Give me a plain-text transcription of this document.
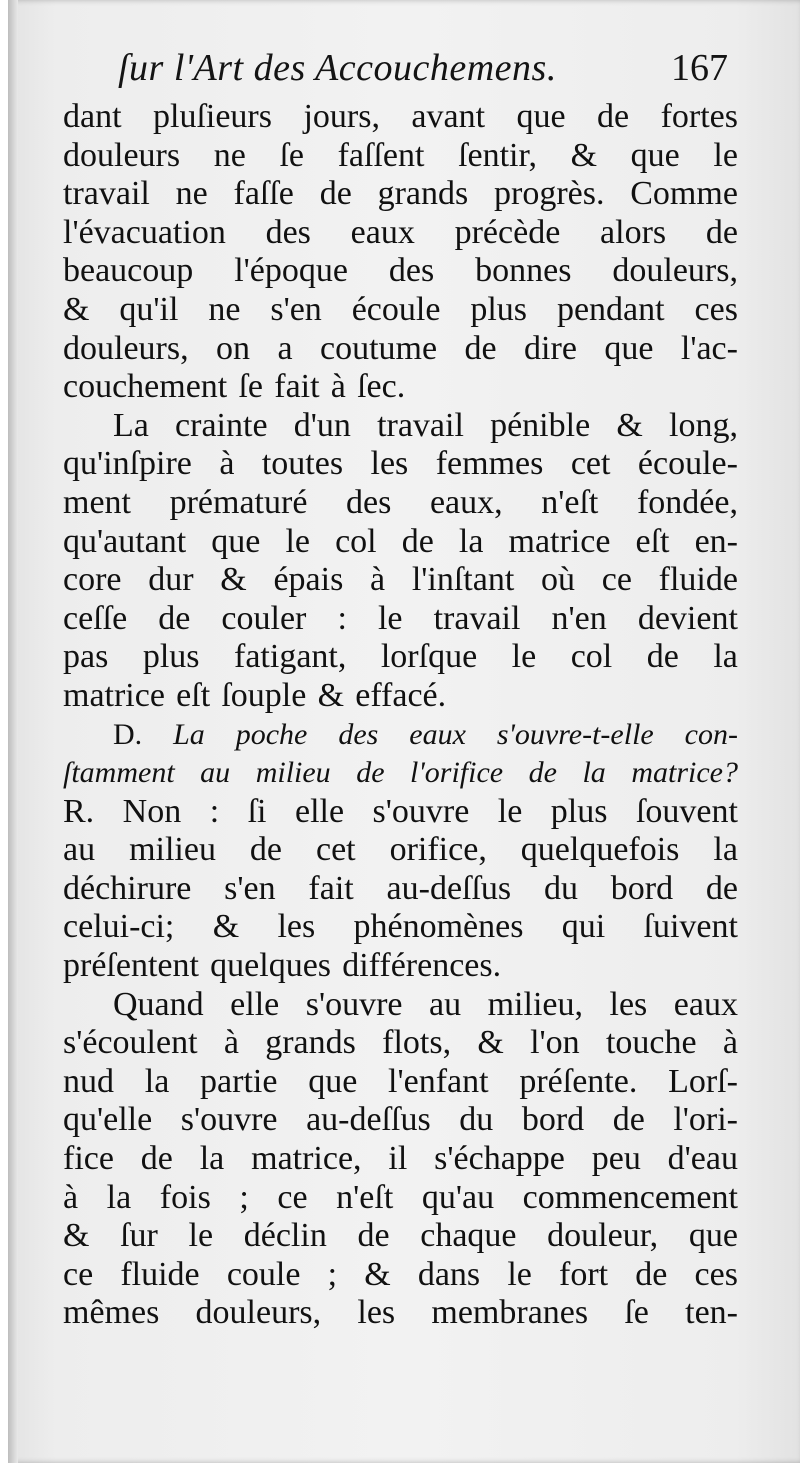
ſur l'Art des Accouchemens.	167
dant pluſieurs jours, avant que de fortes
douleurs ne ſe faſſent ſentir, & que le
travail ne faſſe de grands progrès. Comme
l'évacuation des eaux précède alors de
beaucoup l'époque des bonnes douleurs,
& qu'il ne s'en écoule plus pendant ces
douleurs, on a coutume de dire que l'ac-
couchement ſe fait à ſec.
La crainte d'un travail pénible & long,
qu'inſpire à toutes les femmes cet écoule-
ment prématuré des eaux, n'eſt fondée,
qu'autant que le col de la matrice eſt en-
core dur & épais à l'inſtant où ce fluide
ceſſe de couler : le travail n'en devient
pas plus fatigant, lorſque le col de la
matrice eſt ſouple & effacé.
D. La poche des eaux s'ouvre-t-elle con-
ſtamment au milieu de l'orifice de la matrice?
R. Non : ſi elle s'ouvre le plus ſouvent
au milieu de cet orifice, quelquefois la
déchirure s'en fait au-deſſus du bord de
celui-ci; & les phénomènes qui ſuivent
préſentent quelques différences.
Quand elle s'ouvre au milieu, les eaux
s'écoulent à grands flots, & l'on touche à
nud la partie que l'enfant préſente. Lorſ-
qu'elle s'ouvre au-deſſus du bord de l'ori-
fice de la matrice, il s'échappe peu d'eau
à la fois ; ce n'eſt qu'au commencement
& ſur le déclin de chaque douleur, que
ce fluide coule ; & dans le fort de ces
mêmes douleurs, les membranes ſe ten-
